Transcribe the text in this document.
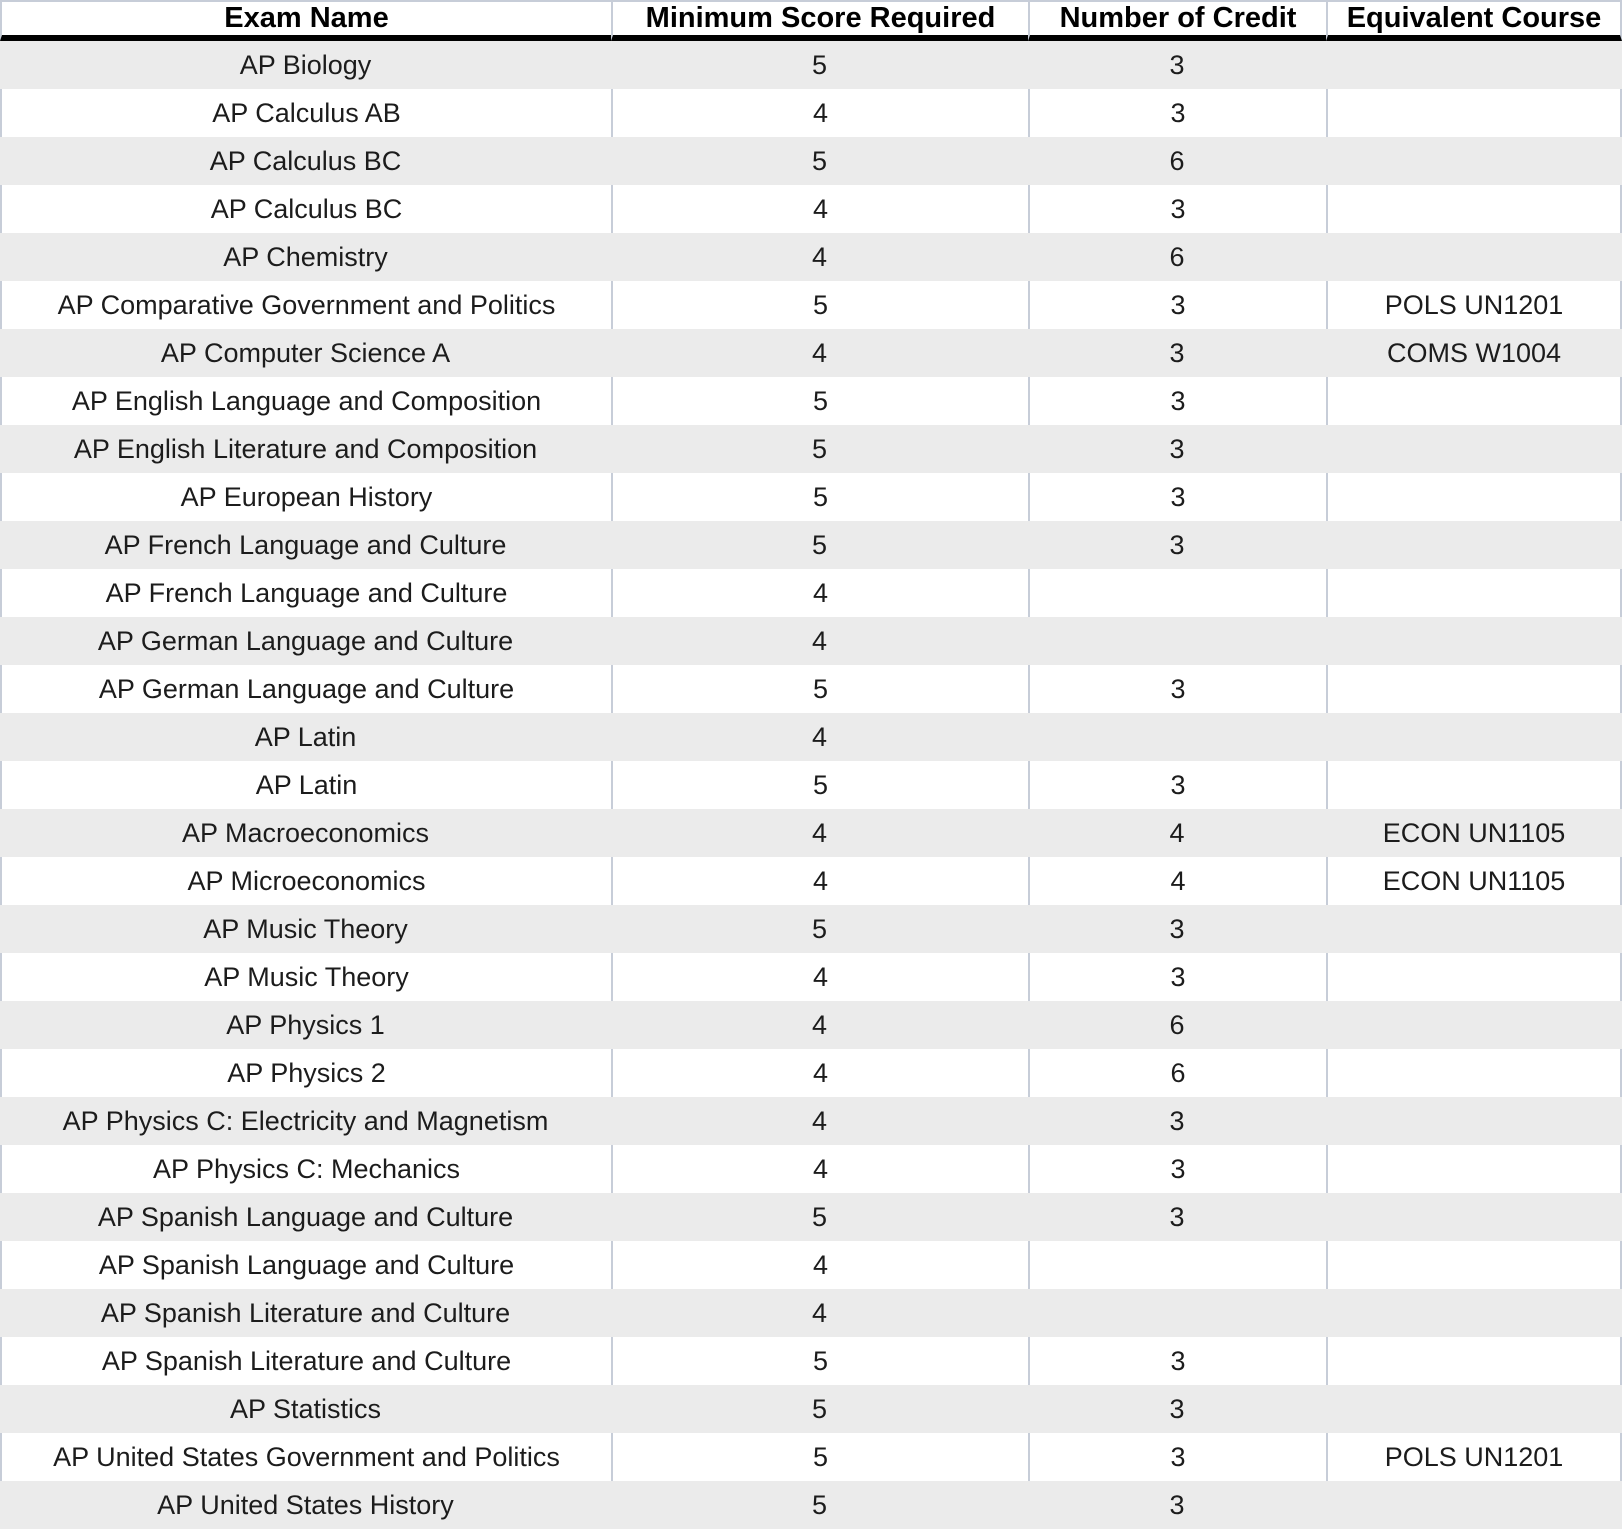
Exam Name	Minimum Score Required	Number of Credit	Equivalent Course
AP Biology	5	3	
AP Calculus AB	4	3	
AP Calculus BC	5	6	
AP Calculus BC	4	3	
AP Chemistry	4	6	
AP Comparative Government and Politics	5	3	POLS UN1201
AP Computer Science A	4	3	COMS W1004
AP English Language and Composition	5	3	
AP English Literature and Composition	5	3	
AP European History	5	3	
AP French Language and Culture	5	3	
AP French Language and Culture	4		
AP German Language and Culture	4		
AP German Language and Culture	5	3	
AP Latin	4		
AP Latin	5	3	
AP Macroeconomics	4	4	ECON UN1105
AP Microeconomics	4	4	ECON UN1105
AP Music Theory	5	3	
AP Music Theory	4	3	
AP Physics 1	4	6	
AP Physics 2	4	6	
AP Physics C: Electricity and Magnetism	4	3	
AP Physics C: Mechanics	4	3	
AP Spanish Language and Culture	5	3	
AP Spanish Language and Culture	4		
AP Spanish Literature and Culture	4		
AP Spanish Literature and Culture	5	3	
AP Statistics	5	3	
AP United States Government and Politics	5	3	POLS UN1201
AP United States History	5	3	
